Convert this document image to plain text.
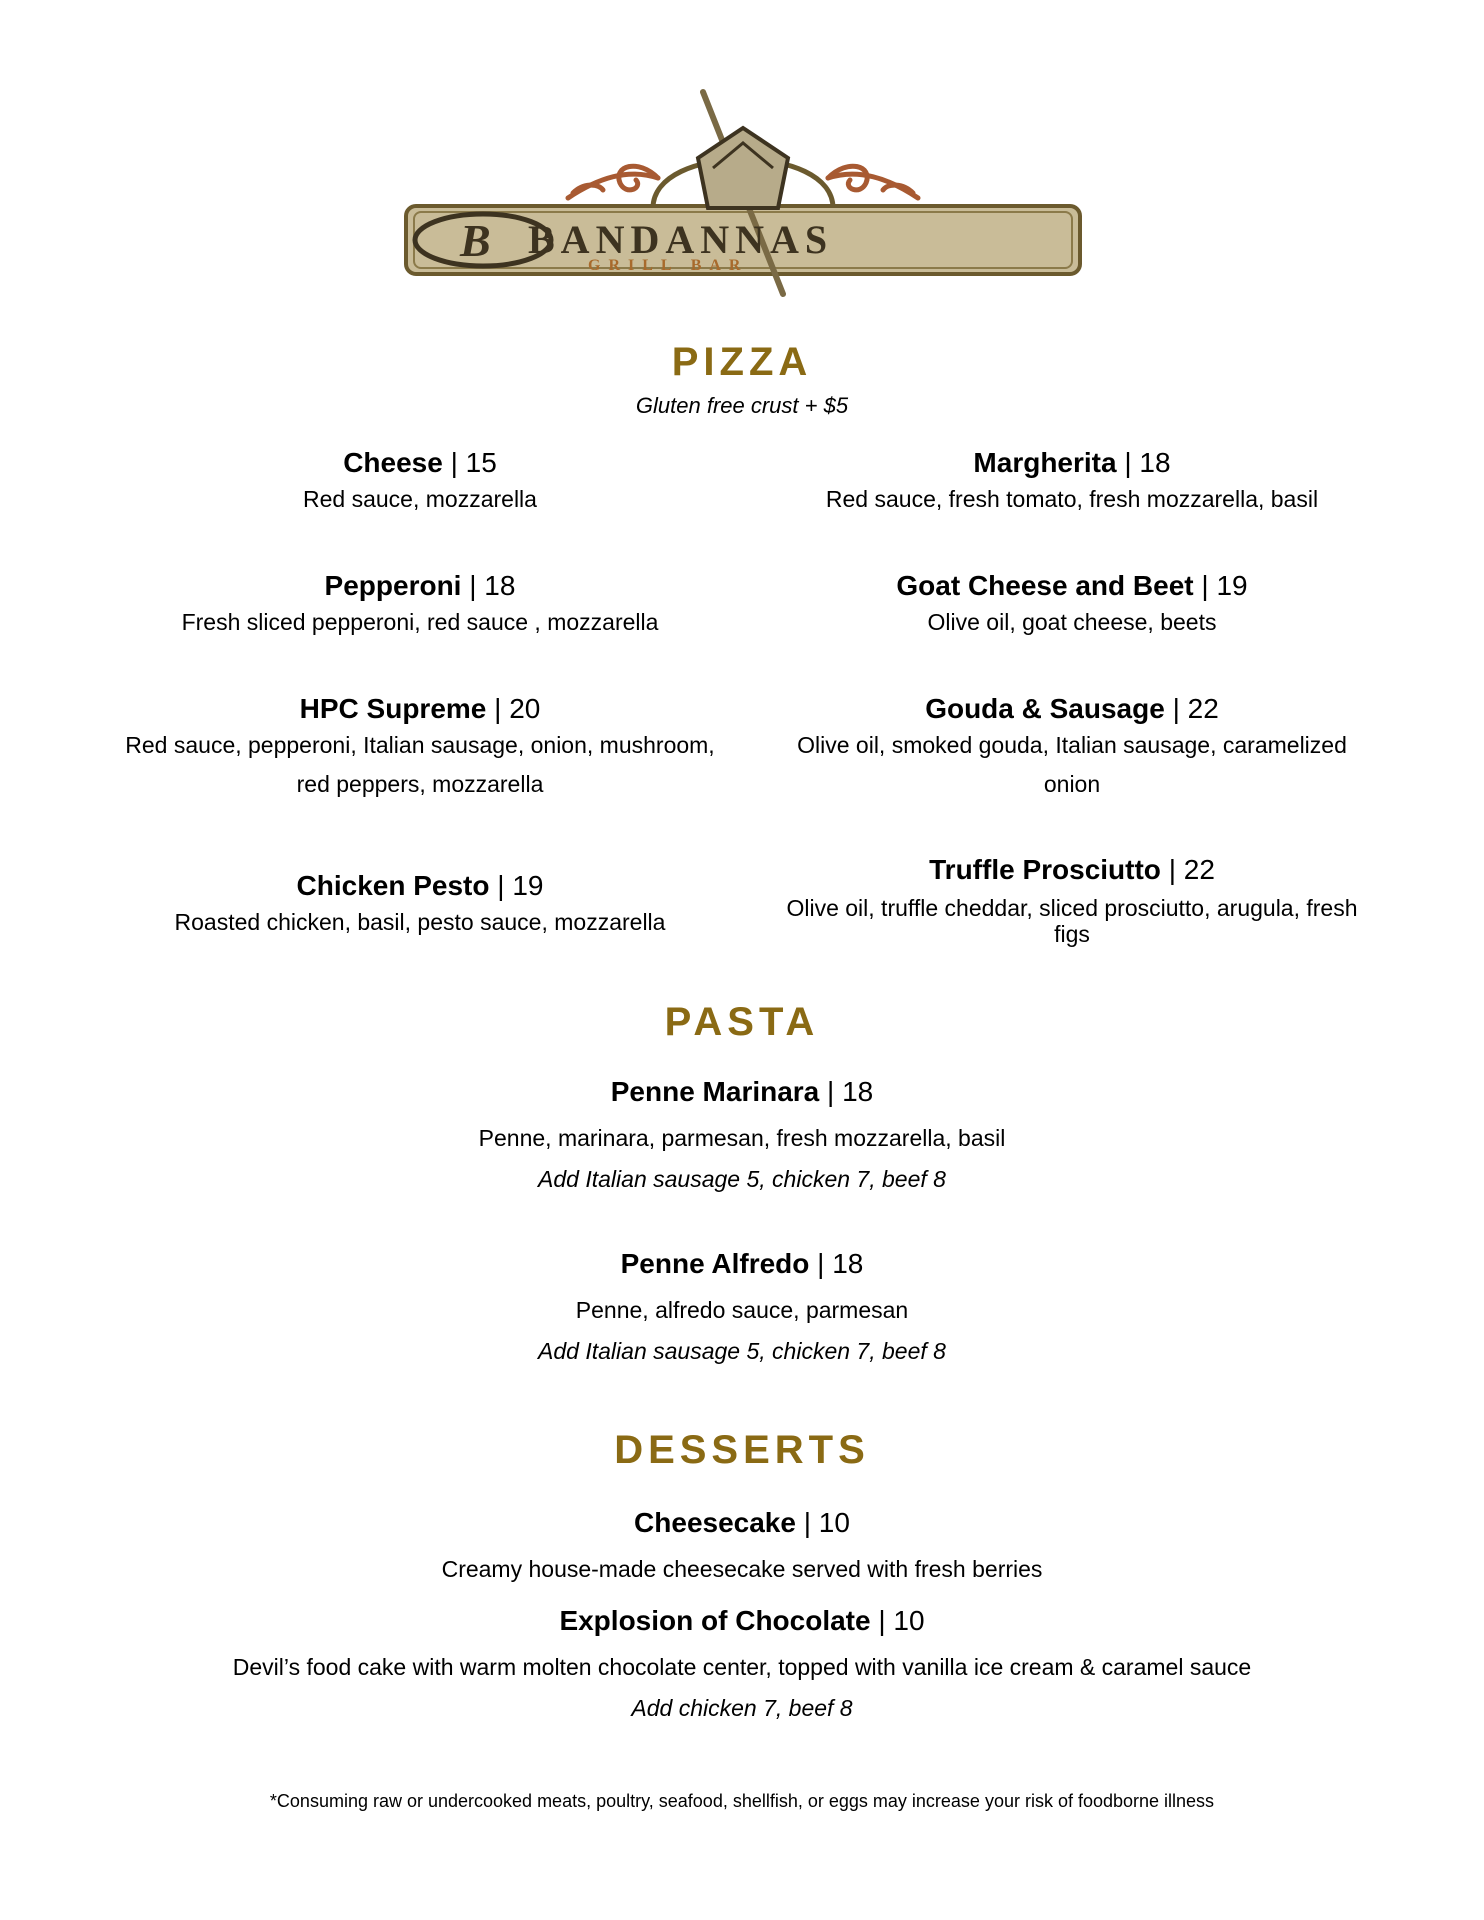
B BANDANNAS
GRILL BAR
PIZZA
Gluten free crust + $5
Cheese | 15
Red sauce, mozzarella
Margherita | 18
Red sauce, fresh tomato, fresh mozzarella, basil
Pepperoni | 18
Fresh sliced pepperoni, red sauce , mozzarella
Goat Cheese and Beet | 19
Olive oil, goat cheese, beets
HPC Supreme | 20
Red sauce, pepperoni, Italian sausage, onion, mushroom,
red peppers, mozzarella
Gouda & Sausage | 22
Olive oil, smoked gouda, Italian sausage, caramelized
onion
Chicken Pesto | 19
Roasted chicken, basil, pesto sauce, mozzarella
Truffle Prosciutto | 22
Olive oil, truffle cheddar, sliced prosciutto, arugula, fresh
figs
PASTA
Penne Marinara | 18
Penne, marinara, parmesan, fresh mozzarella, basil
Add Italian sausage 5, chicken 7, beef 8
Penne Alfredo | 18
Penne, alfredo sauce, parmesan
Add Italian sausage 5, chicken 7, beef 8
DESSERTS
Cheesecake | 10
Creamy house-made cheesecake served with fresh berries
Explosion of Chocolate | 10
Devil’s food cake with warm molten chocolate center, topped with vanilla ice cream & caramel sauce
Add chicken 7, beef 8
*Consuming raw or undercooked meats, poultry, seafood, shellfish, or eggs may increase your risk of foodborne illness
